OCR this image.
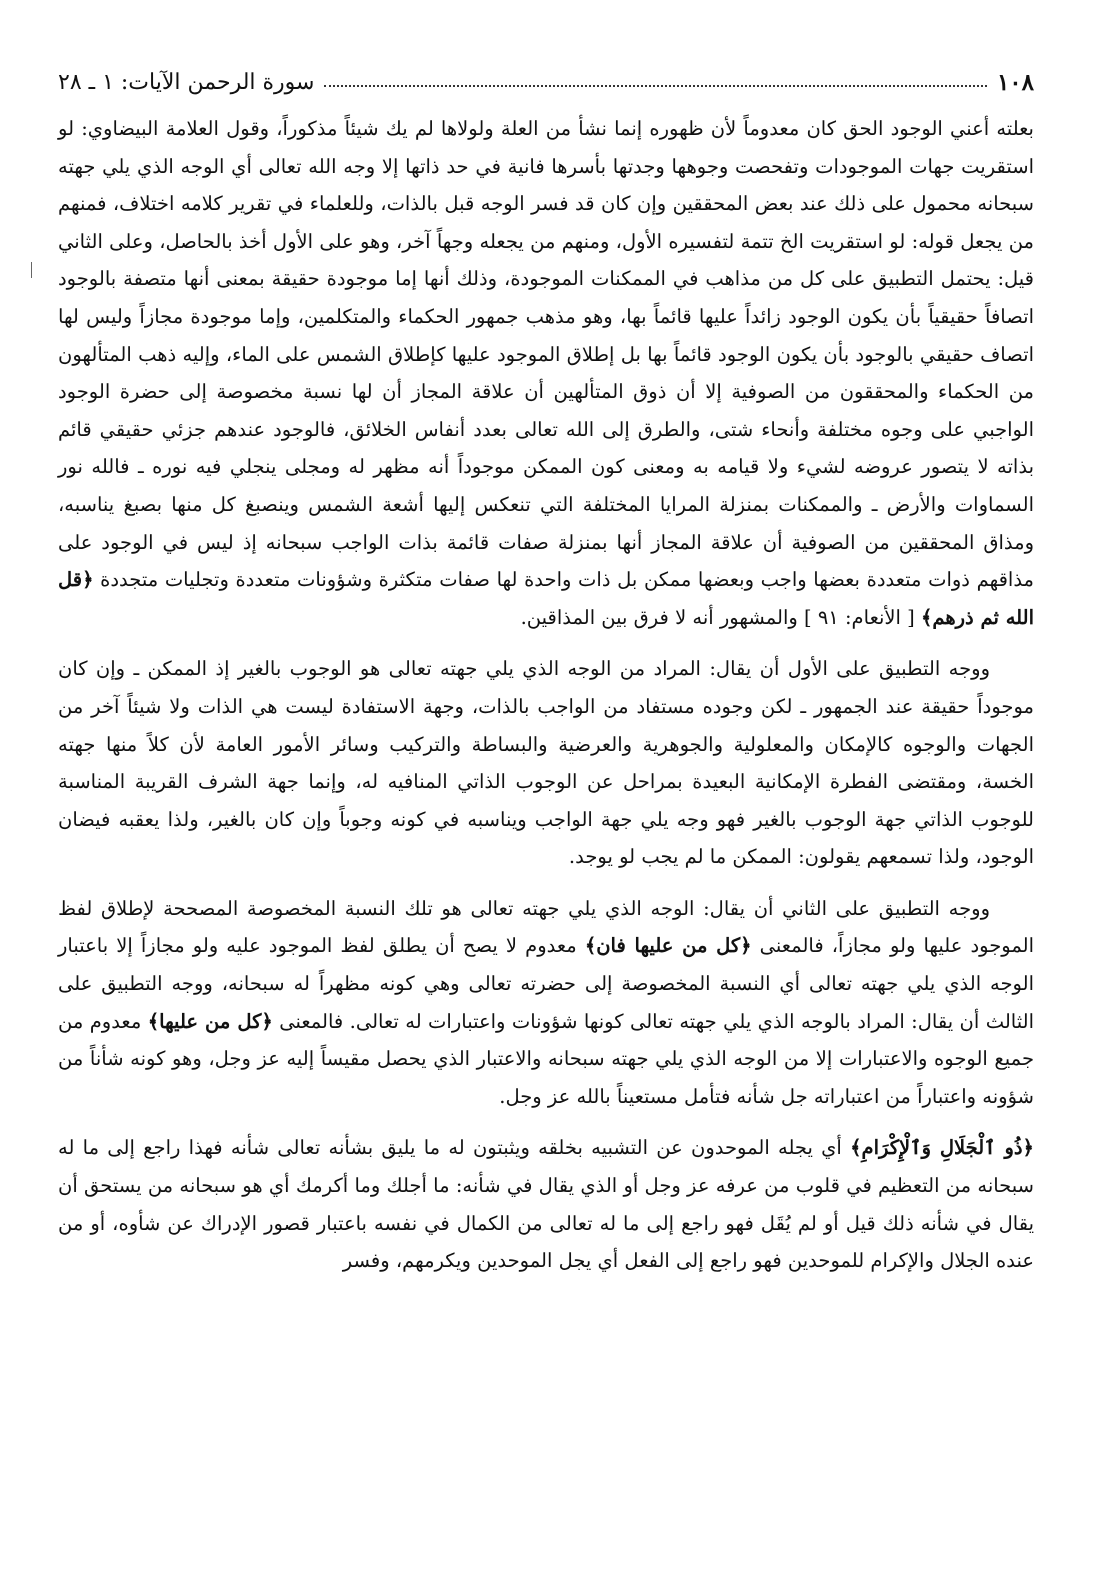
١٠٨
سورة الرحمن الآيات: ١ ـ ٢٨

بعلته أعني الوجود الحق كان معدوماً لأن ظهوره إنما نشأ من العلة ولولاها لم يك شيئاً مذكوراً، وقول العلامة البيضاوي: لو استقريت جهات الموجودات وتفحصت وجوهها وجدتها بأسرها فانية في حد ذاتها إلا وجه الله تعالى أي الوجه الذي يلي جهته سبحانه محمول على ذلك عند بعض المحققين وإن كان قد فسر الوجه قبل بالذات، وللعلماء في تقرير كلامه اختلاف، فمنهم من يجعل قوله: لو استقريت الخ تتمة لتفسيره الأول، ومنهم من يجعله وجهاً آخر، وهو على الأول أخذ بالحاصل، وعلى الثاني قيل: يحتمل التطبيق على كل من مذاهب في الممكنات الموجودة، وذلك أنها إما موجودة حقيقة بمعنى أنها متصفة بالوجود اتصافاً حقيقياً بأن يكون الوجود زائداً عليها قائماً بها، وهو مذهب جمهور الحكماء والمتكلمين، وإما موجودة مجازاً وليس لها اتصاف حقيقي بالوجود بأن يكون الوجود قائماً بها بل إطلاق الموجود عليها كإطلاق الشمس على الماء، وإليه ذهب المتألهون من الحكماء والمحققون من الصوفية إلا أن ذوق المتألهين أن علاقة المجاز أن لها نسبة مخصوصة إلى حضرة الوجود الواجبي على وجوه مختلفة وأنحاء شتى، والطرق إلى الله تعالى بعدد أنفاس الخلائق، فالوجود عندهم جزئي حقيقي قائم بذاته لا يتصور عروضه لشيء ولا قيامه به ومعنى كون الممكن موجوداً أنه مظهر له ومجلى ينجلي فيه نوره ـ فالله نور السماوات والأرض ـ والممكنات بمنزلة المرايا المختلفة التي تنعكس إليها أشعة الشمس وينصبغ كل منها بصبغ يناسبه، ومذاق المحققين من الصوفية أن علاقة المجاز أنها بمنزلة صفات قائمة بذات الواجب سبحانه إذ ليس في الوجود على مذاقهم ذوات متعددة بعضها واجب وبعضها ممكن بل ذات واحدة لها صفات متكثرة وشؤونات متعددة وتجليات متجددة ﴿قل الله ثم ذرهم﴾ [ الأنعام: ٩١ ] والمشهور أنه لا فرق بين المذاقين.

ووجه التطبيق على الأول أن يقال: المراد من الوجه الذي يلي جهته تعالى هو الوجوب بالغير إذ الممكن ـ وإن كان موجوداً حقيقة عند الجمهور ـ لكن وجوده مستفاد من الواجب بالذات، وجهة الاستفادة ليست هي الذات ولا شيئاً آخر من الجهات والوجوه كالإمكان والمعلولية والجوهرية والعرضية والبساطة والتركيب وسائر الأمور العامة لأن كلاً منها جهته الخسة، ومقتضى الفطرة الإمكانية البعيدة بمراحل عن الوجوب الذاتي المنافيه له، وإنما جهة الشرف القريبة المناسبة للوجوب الذاتي جهة الوجوب بالغير فهو وجه يلي جهة الواجب ويناسبه في كونه وجوباً وإن كان بالغير، ولذا يعقبه فيضان الوجود، ولذا تسمعهم يقولون: الممكن ما لم يجب لو يوجد.

ووجه التطبيق على الثاني أن يقال: الوجه الذي يلي جهته تعالى هو تلك النسبة المخصوصة المصححة لإطلاق لفظ الموجود عليها ولو مجازاً، فالمعنى ﴿كل من عليها فان﴾ معدوم لا يصح أن يطلق لفظ الموجود عليه ولو مجازاً إلا باعتبار الوجه الذي يلي جهته تعالى أي النسبة المخصوصة إلى حضرته تعالى وهي كونه مظهراً له سبحانه، ووجه التطبيق على الثالث أن يقال: المراد بالوجه الذي يلي جهته تعالى كونها شؤونات واعتبارات له تعالى. فالمعنى ﴿كل من عليها﴾ معدوم من جميع الوجوه والاعتبارات إلا من الوجه الذي يلي جهته سبحانه والاعتبار الذي يحصل مقيساً إليه عز وجل، وهو كونه شأناً من شؤونه واعتباراً من اعتباراته جل شأنه فتأمل مستعيناً بالله عز وجل.

﴿ذُو ٱلْجَلَالِ وَٱلْإِكْرَامِ﴾ أي يجله الموحدون عن التشبيه بخلقه ويثبتون له ما يليق بشأنه تعالى شأنه فهذا راجع إلى ما له سبحانه من التعظيم في قلوب من عرفه عز وجل أو الذي يقال في شأنه: ما أجلك وما أكرمك أي هو سبحانه من يستحق أن يقال في شأنه ذلك قيل أو لم يُقَل فهو راجع إلى ما له تعالى من الكمال في نفسه باعتبار قصور الإدراك عن شأوه، أو من عنده الجلال والإكرام للموحدين فهو راجع إلى الفعل أي يجل الموحدين ويكرمهم، وفسر
